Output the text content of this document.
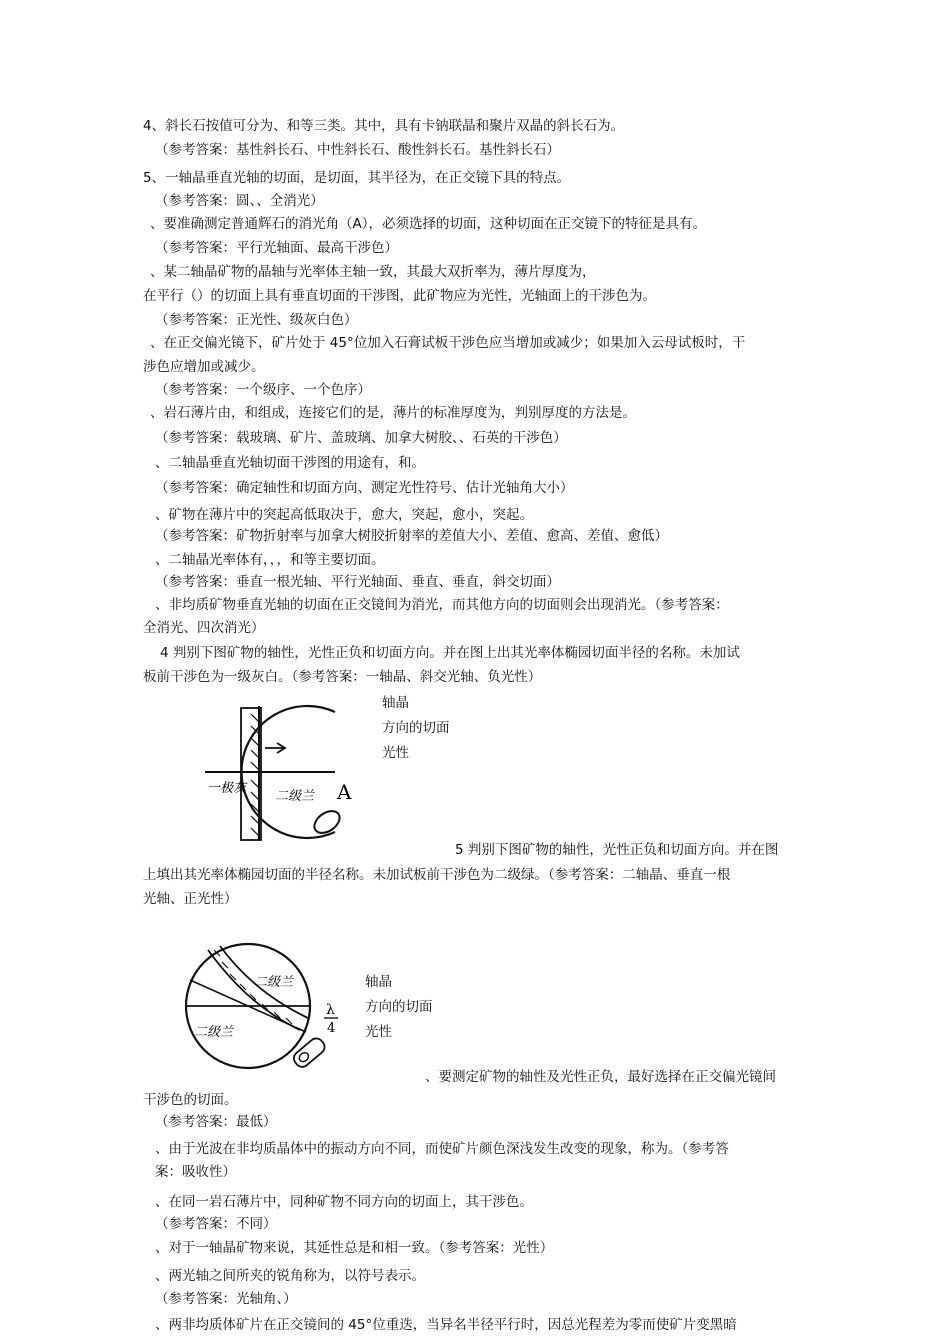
4、斜长石按值可分为、和等三类。其中，具有卡钠联晶和聚片双晶的斜长石为。
（参考答案：基性斜长石、中性斜长石、酸性斜长石。基性斜长石）
5、一轴晶垂直光轴的切面，是切面，其半径为，在正交镜下具的特点。
（参考答案：圆、、全消光）
、要准确测定普通辉石的消光角（A），必须选择的切面，这种切面在正交镜下的特征是具有。
（参考答案：平行光轴面、最高干涉色）
、某二轴晶矿物的晶轴与光率体主轴一致，其最大双折率为，薄片厚度为，
在平行（）的切面上具有垂直切面的干涉图，此矿物应为光性，光轴面上的干涉色为。
（参考答案：正光性、级灰白色）
、在正交偏光镜下，矿片处于 45°位加入石膏试板干涉色应当增加或减少；如果加入云母试板时，干
涉色应增加或减少。
（参考答案：一个级序、一个色序）
、岩石薄片由，和组成，连接它们的是，薄片的标准厚度为，判别厚度的方法是。
（参考答案：载玻璃、矿片、盖玻璃、加拿大树胶、、石英的干涉色）
、二轴晶垂直光轴切面干涉图的用途有，和。
（参考答案：确定轴性和切面方向、测定光性符号、估计光轴角大小）
、矿物在薄片中的突起高低取决于，愈大，突起，愈小，突起。
（参考答案：矿物折射率与加拿大树胶折射率的差值大小、差值、愈高、差值、愈低）
、二轴晶光率体有，，，和等主要切面。
（参考答案：垂直一根光轴、平行光轴面、垂直、垂直，斜交切面）
、非均质矿物垂直光轴的切面在正交镜间为消光，而其他方向的切面则会出现消光。（参考答案：
全消光、四次消光）
4 判别下图矿物的轴性，光性正负和切面方向。并在图上出其光率体椭园切面半径的名称。未加试
板前干涉色为一级灰白。（参考答案：一轴晶、斜交光轴、负光性）
一极灰
二级兰 A
轴晶
方向的切面
光性
5 判别下图矿物的轴性，光性正负和切面方向。并在图
上填出其光率体椭园切面的半径名称。未加试板前干涉色为二级绿。（参考答案：二轴晶、垂直一根
光轴、正光性）
二级兰
二级兰
λ
4
轴晶
方向的切面
光性
、要测定矿物的轴性及光性正负，最好选择在正交偏光镜间
干涉色的切面。
（参考答案：最低）
、由于光波在非均质晶体中的振动方向不同，而使矿片颜色深浅发生改变的现象，称为。（参考答
案：吸收性）
、在同一岩石薄片中，同种矿物不同方向的切面上，其干涉色。
（参考答案：不同）
、对于一轴晶矿物来说，其延性总是和相一致。（参考答案：光性）
、两光轴之间所夹的锐角称为，以符号表示。
（参考答案：光轴角、）
、两非均质体矿片在正交镜间的 45°位重迭，当异名半径平行时，因总光程差为零而使矿片变黑暗
